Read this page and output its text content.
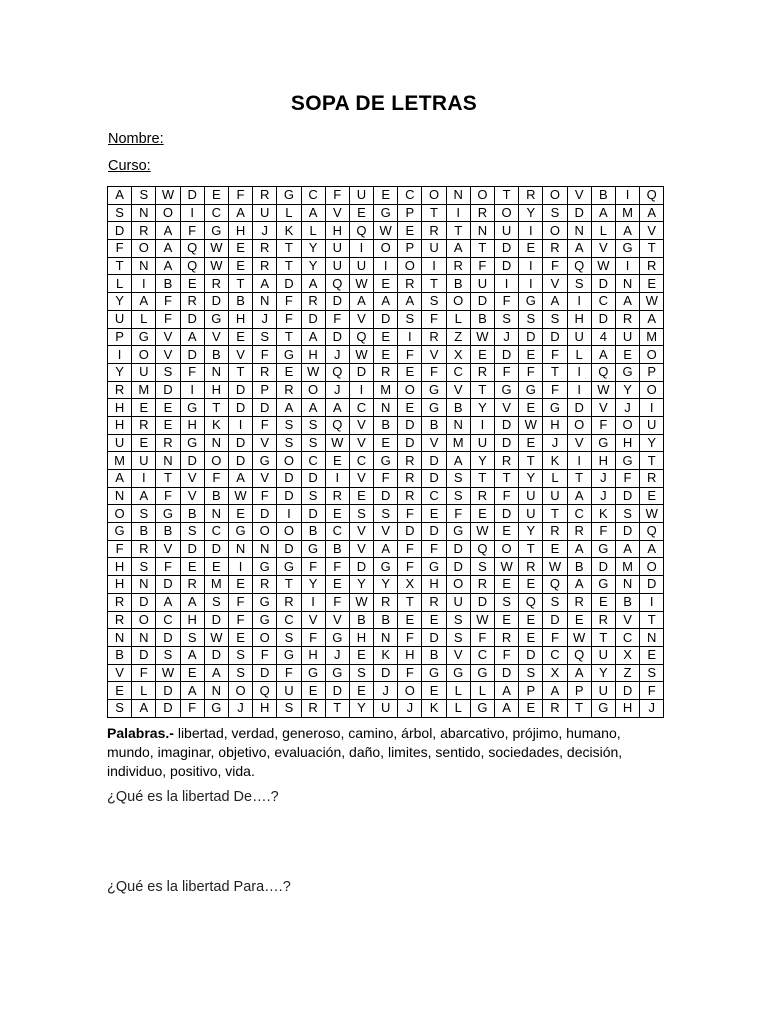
SOPA DE LETRAS
Nombre:
Curso:
A	S	W	D	E	F	R	G	C	F	U	E	C	O	N	O	T	R	O	V	B	I	Q
S	N	O	I	C	A	U	L	A	V	E	G	P	T	I	R	O	Y	S	D	A	M	A
D	R	A	F	G	H	J	K	L	H	Q	W	E	R	T	N	U	I	O	N	L	A	V
F	O	A	Q	W	E	R	T	Y	U	I	O	P	U	A	T	D	E	R	A	V	G	T
T	N	A	Q	W	E	R	T	Y	U	U	I	O	I	R	F	D	I	F	Q	W	I	R
L	I	B	E	R	T	A	D	A	Q	W	E	R	T	B	U	I	I	V	S	D	N	E
Y	A	F	R	D	B	N	F	R	D	A	A	A	S	O	D	F	G	A	I	C	A	W
U	L	F	D	G	H	J	F	D	F	V	D	S	F	L	B	S	S	S	H	D	R	A
P	G	V	A	V	E	S	T	A	D	Q	E	I	R	Z	W	J	D	D	U	4	U	M
I	O	V	D	B	V	F	G	H	J	W	E	F	V	X	E	D	E	F	L	A	E	O
Y	U	S	F	N	T	R	E	W	Q	D	R	E	F	C	R	F	F	T	I	Q	G	P
R	M	D	I	H	D	P	R	O	J	I	M	O	G	V	T	G	G	F	I	W	Y	O
H	E	E	G	T	D	D	A	A	A	C	N	E	G	B	Y	V	E	G	D	V	J	I
H	R	E	H	K	I	F	S	S	Q	V	B	D	B	N	I	D	W	H	O	F	O	U
U	E	R	G	N	D	V	S	S	W	V	E	D	V	M	U	D	E	J	V	G	H	Y
M	U	N	D	O	D	G	O	C	E	C	G	R	D	A	Y	R	T	K	I	H	G	T
A	I	T	V	F	A	V	D	D	I	V	F	R	D	S	T	T	Y	L	T	J	F	R
N	A	F	V	B	W	F	D	S	R	E	D	R	C	S	R	F	U	U	A	J	D	E
O	S	G	B	N	E	D	I	D	E	S	S	F	E	F	E	D	U	T	C	K	S	W
G	B	B	S	C	G	O	O	B	C	V	V	D	D	G	W	E	Y	R	R	F	D	Q
F	R	V	D	D	N	N	D	G	B	V	A	F	F	D	Q	O	T	E	A	G	A	A
H	S	F	E	E	I	G	G	F	F	D	G	F	G	D	S	W	R	W	B	D	M	O
H	N	D	R	M	E	R	T	Y	E	Y	Y	X	H	O	R	E	E	Q	A	G	N	D
R	D	A	A	S	F	G	R	I	F	W	R	T	R	U	D	S	Q	S	R	E	B	I
R	O	C	H	D	F	G	C	V	V	B	B	E	E	S	W	E	E	D	E	R	V	T
N	N	D	S	W	E	O	S	F	G	H	N	F	D	S	F	R	E	F	W	T	C	N
B	D	S	A	D	S	F	G	H	J	E	K	H	B	V	C	F	D	C	Q	U	X	E
V	F	W	E	A	S	D	F	G	G	S	D	F	G	G	G	D	S	X	A	Y	Z	S
E	L	D	A	N	O	Q	U	E	D	E	J	O	E	L	L	A	P	A	P	U	D	F
S	A	D	F	G	J	H	S	R	T	Y	U	J	K	L	G	A	E	R	T	G	H	J
Palabras.- libertad, verdad, generoso, camino, árbol, abarcativo, prójimo, humano, mundo, imaginar, objetivo, evaluación, daño, limites, sentido, sociedades, decisión, individuo, positivo, vida.
¿Qué es la libertad De….?
¿Qué es la libertad Para….?
